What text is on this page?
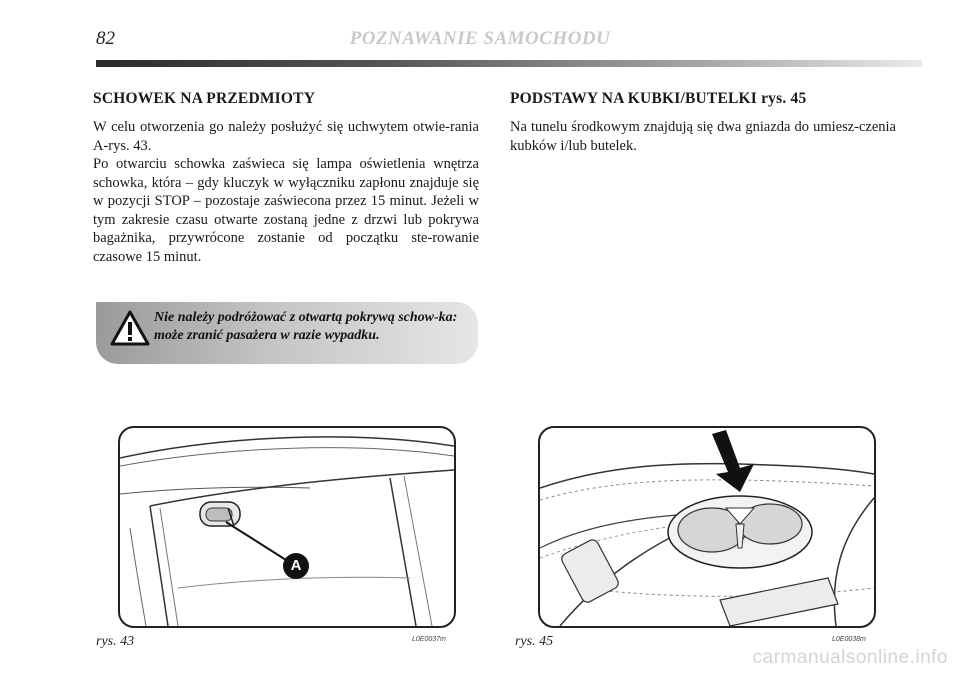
82	POZNAWANIE SAMOCHODU
SCHOWEK NA PRZEDMIOTY

W celu otworzenia go należy posłużyć się uchwytem otwie-rania A-rys. 43.

Po otwarciu schowka zaświeca się lampa oświetlenia wnętrza schowka, która – gdy kluczyk w wyłączniku zapłonu znajduje się w pozycji STOP – pozostaje zaświecona przez 15 minut. Jeżeli w tym zakresie czasu otwarte zostaną jedne z drzwi lub pokrywa bagażnika, przywrócone zostanie od początku ste-rowanie czasowe 15 minut.

Nie należy podróżować z otwartą pokrywą schow-ka: może zranić pasażera w razie wypadku.
PODSTAWY NA KUBKI/BUTELKI rys. 45

Na tunelu środkowym znajdują się dwa gniazda do umiesz-czenia kubków i/lub butelek.

A
rys. 43	L0E0037m	rys. 45	L0E0038m
carmanualsonline.info
